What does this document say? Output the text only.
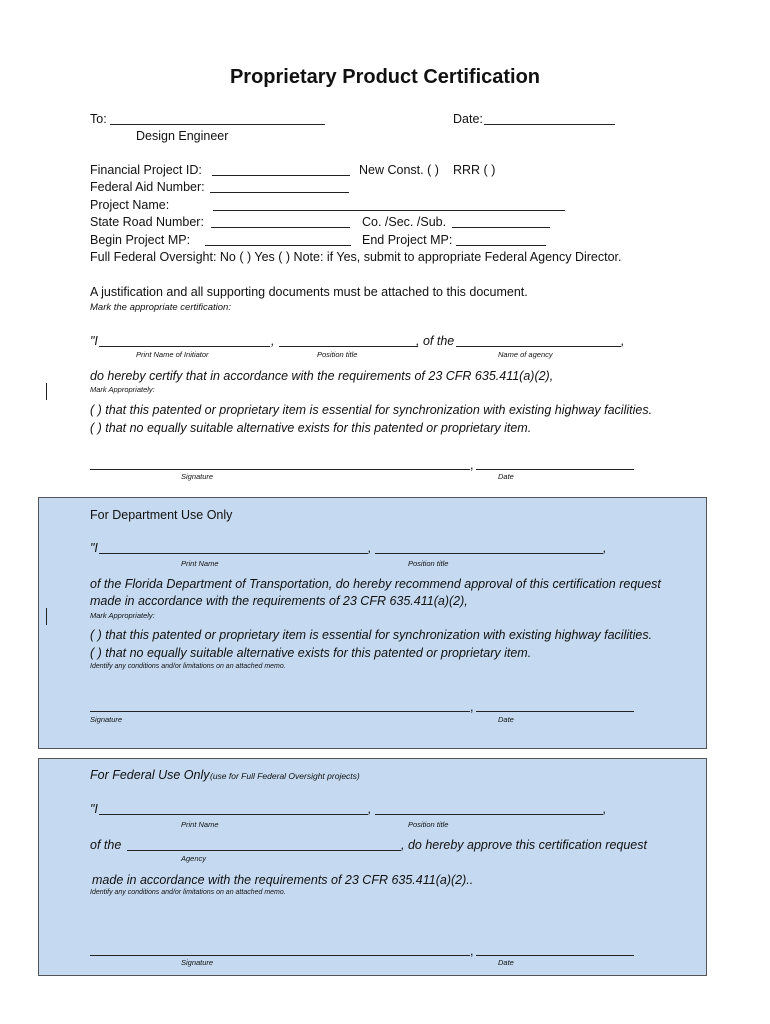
Proprietary Product Certification
To:
Design Engineer
Date:
Financial Project ID:	New Const. ( ) RRR ( )
Federal Aid Number:
Project Name:
State Road Number:	Co. /Sec. /Sub.
Begin Project MP:	End Project MP:
Full Federal Oversight: No ( ) Yes ( ) Note: if Yes, submit to appropriate Federal Agency Director.
A justification and all supporting documents must be attached to this document.
Mark the appropriate certification:
"I	,	, of the	,
Print Name of Initiator	Position title	Name of agency
do hereby certify that in accordance with the requirements of 23 CFR 635.411(a)(2),
Mark Appropriately:
( ) that this patented or proprietary item is essential for synchronization with existing highway facilities.
( ) that no equally suitable alternative exists for this patented or proprietary item.
,
Signature	Date
For Department Use Only
"I	,	,
Print Name	Position title
of the Florida Department of Transportation, do hereby recommend approval of this certification request
made in accordance with the requirements of 23 CFR 635.411(a)(2),
Mark Appropriately:
( ) that this patented or proprietary item is essential for synchronization with existing highway facilities.
( ) that no equally suitable alternative exists for this patented or proprietary item.
Identify any conditions and/or limitations on an attached memo.
,
Signature	Date
For Federal Use Only (use for Full Federal Oversight projects)
"I	,	,
Print Name	Position title
of the	, do hereby approve this certification request
Agency
made in accordance with the requirements of 23 CFR 635.411(a)(2)..
Identify any conditions and/or limitations on an attached memo.
,
Signature	Date
